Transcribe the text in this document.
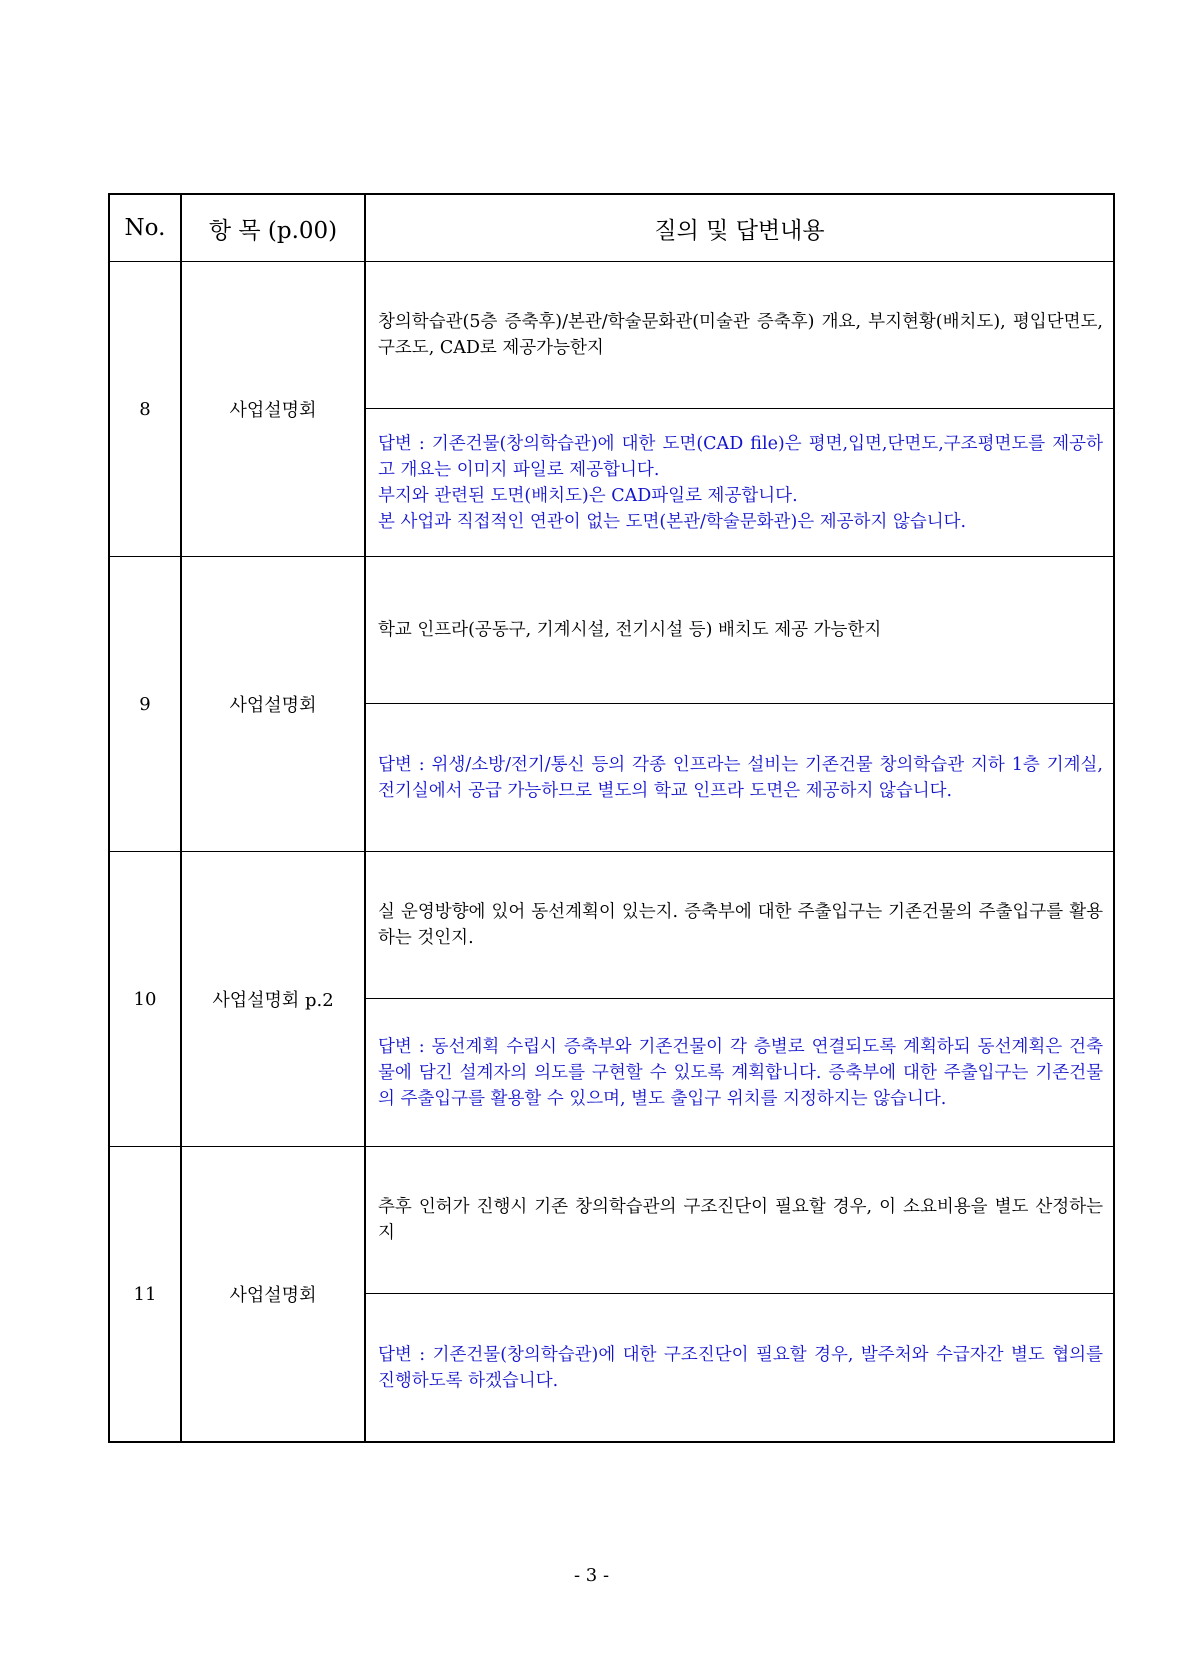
No.	항 목 (p.00)	질의 및 답변내용
8	사업설명회	창의학습관(5층 증축후)/본관/학술문화관(미술관 증축후) 개요, 부지현황(배치도), 평입단면도, 구조도, CAD로 제공가능한지

		답변 : 기존건물(창의학습관)에 대한 도면(CAD file)은 평면,입면,단면도,구조평면도를 제공하고 개요는 이미지 파일로 제공합니다.
부지와 관련된 도면(배치도)은 CAD파일로 제공합니다.
본 사업과 직접적인 연관이 없는 도면(본관/학술문화관)은 제공하지 않습니다.

9	사업설명회	학교 인프라(공동구, 기계시설, 전기시설 등) 배치도 제공 가능한지

		답변 : 위생/소방/전기/통신 등의 각종 인프라는 설비는 기존건물 창의학습관 지하 1층 기계실, 전기실에서 공급 가능하므로 별도의 학교 인프라 도면은 제공하지 않습니다.

10	사업설명회 p.2	실 운영방향에 있어 동선계획이 있는지. 증축부에 대한 주출입구는 기존건물의 주출입구를 활용하는 것인지.

		답변 : 동선계획 수립시 증축부와 기존건물이 각 층별로 연결되도록 계획하되 동선계획은 건축물에 담긴 설계자의 의도를 구현할 수 있도록 계획합니다. 증축부에 대한 주출입구는 기존건물의 주출입구를 활용할 수 있으며, 별도 출입구 위치를 지정하지는 않습니다.

11	사업설명회	추후 인허가 진행시 기존 창의학습관의 구조진단이 필요할 경우, 이 소요비용을 별도 산정하는지

		답변 : 기존건물(창의학습관)에 대한 구조진단이 필요할 경우, 발주처와 수급자간 별도 협의를 진행하도록 하겠습니다.
- 3 -
